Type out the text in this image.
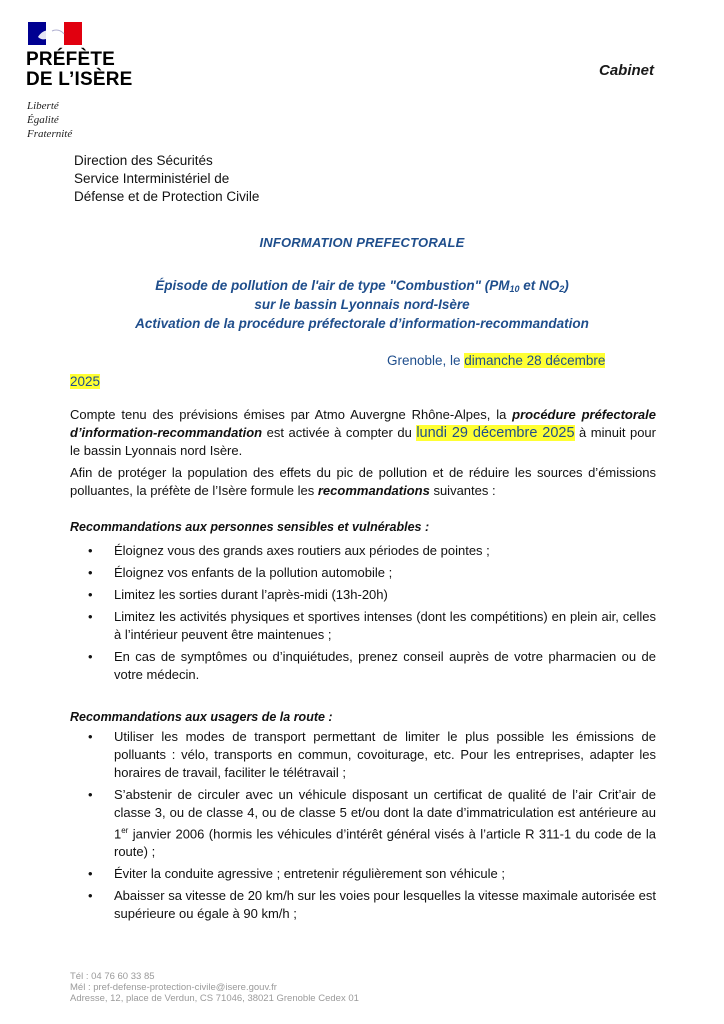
PRÉFÈTE
DE L’ISÈRE
Liberté
Égalité
Fraternité
Cabinet
Direction des Sécurités
Service Interministériel de
Défense et de Protection Civile
INFORMATION PREFECTORALE
Épisode de pollution de l'air de type "Combustion" ($PM_{10}$ et $NO_2$)
sur le bassin Lyonnais nord-Isère
Activation de la procédure préfectorale d’information-recommandation
Grenoble, le dimanche 28 décembre
2025
Compte tenu des prévisions émises par Atmo Auvergne Rhône-Alpes, la procédure préfectorale d’information-recommandation est activée à compter du lundi 29 décembre 2025 à minuit pour le bassin Lyonnais nord Isère.
Afin de protéger la population des effets du pic de pollution et de réduire les sources d’émissions polluantes, la préfète de l’Isère formule les recommandations suivantes :
Recommandations aux personnes sensibles et vulnérables :
• Éloignez vous des grands axes routiers aux périodes de pointes ;
• Éloignez vos enfants de la pollution automobile ;
• Limitez les sorties durant l’après-midi (13h-20h)
• Limitez les activités physiques et sportives intenses (dont les compétitions) en plein air, celles à l’intérieur peuvent être maintenues ;
• En cas de symptômes ou d’inquiétudes, prenez conseil auprès de votre pharmacien ou de votre médecin.
Recommandations aux usagers de la route :
• Utiliser les modes de transport permettant de limiter le plus possible les émissions de polluants : vélo, transports en commun, covoiturage, etc. Pour les entreprises, adapter les horaires de travail, faciliter le télétravail ;
• S’abstenir de circuler avec un véhicule disposant un certificat de qualité de l’air Crit’air de classe 3, ou de classe 4, ou de classe 5 et/ou dont la date d’immatriculation est antérieure au 1er janvier 2006 (hormis les véhicules d’intérêt général visés à l’article R 311-1 du code de la route) ;
• Éviter la conduite agressive ; entretenir régulièrement son véhicule ;
• Abaisser sa vitesse de 20 km/h sur les voies pour lesquelles la vitesse maximale autorisée est supérieure ou égale à 90 km/h ;
Tél : 04 76 60 33 85
Mél : pref-defense-protection-civile@isere.gouv.fr
Adresse, 12, place de Verdun, CS 71046, 38021 Grenoble Cedex 01
